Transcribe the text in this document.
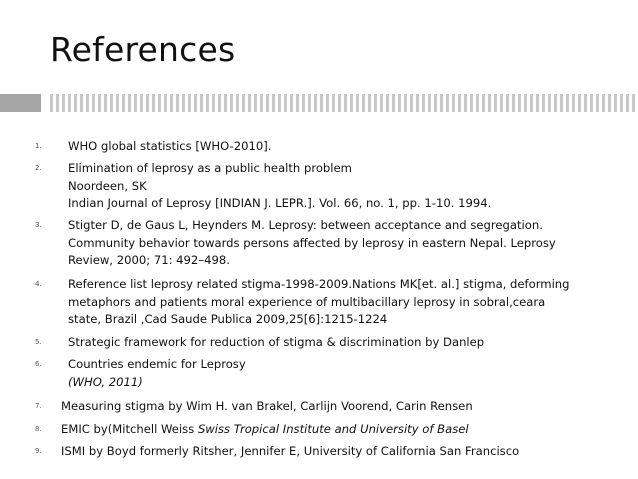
References
1. WHO global statistics [WHO-2010].
2. Elimination of leprosy as a public health problem
Noordeen, SK
Indian Journal of Leprosy [INDIAN J. LEPR.]. Vol. 66, no. 1, pp. 1-10. 1994.
3. Stigter D, de Gaus L, Heynders M. Leprosy: between acceptance and segregation.
Community behavior towards persons affected by leprosy in eastern Nepal. Leprosy
Review, 2000; 71: 492–498.
4. Reference list leprosy related stigma-1998-2009.Nations MK[et. al.] stigma, deforming
metaphors and patients moral experience of multibacillary leprosy in sobral,ceara
state, Brazil ,Cad Saude Publica 2009,25[6]:1215-1224
5. Strategic framework for reduction of stigma & discrimination by Danlep
6. Countries endemic for Leprosy
(WHO, 2011)
7. Measuring stigma by Wim H. van Brakel, Carlijn Voorend, Carin Rensen
8. EMIC by(Mitchell Weiss Swiss Tropical Institute and University of Basel
9. ISMI by Boyd formerly Ritsher, Jennifer E, University of California San Francisco
